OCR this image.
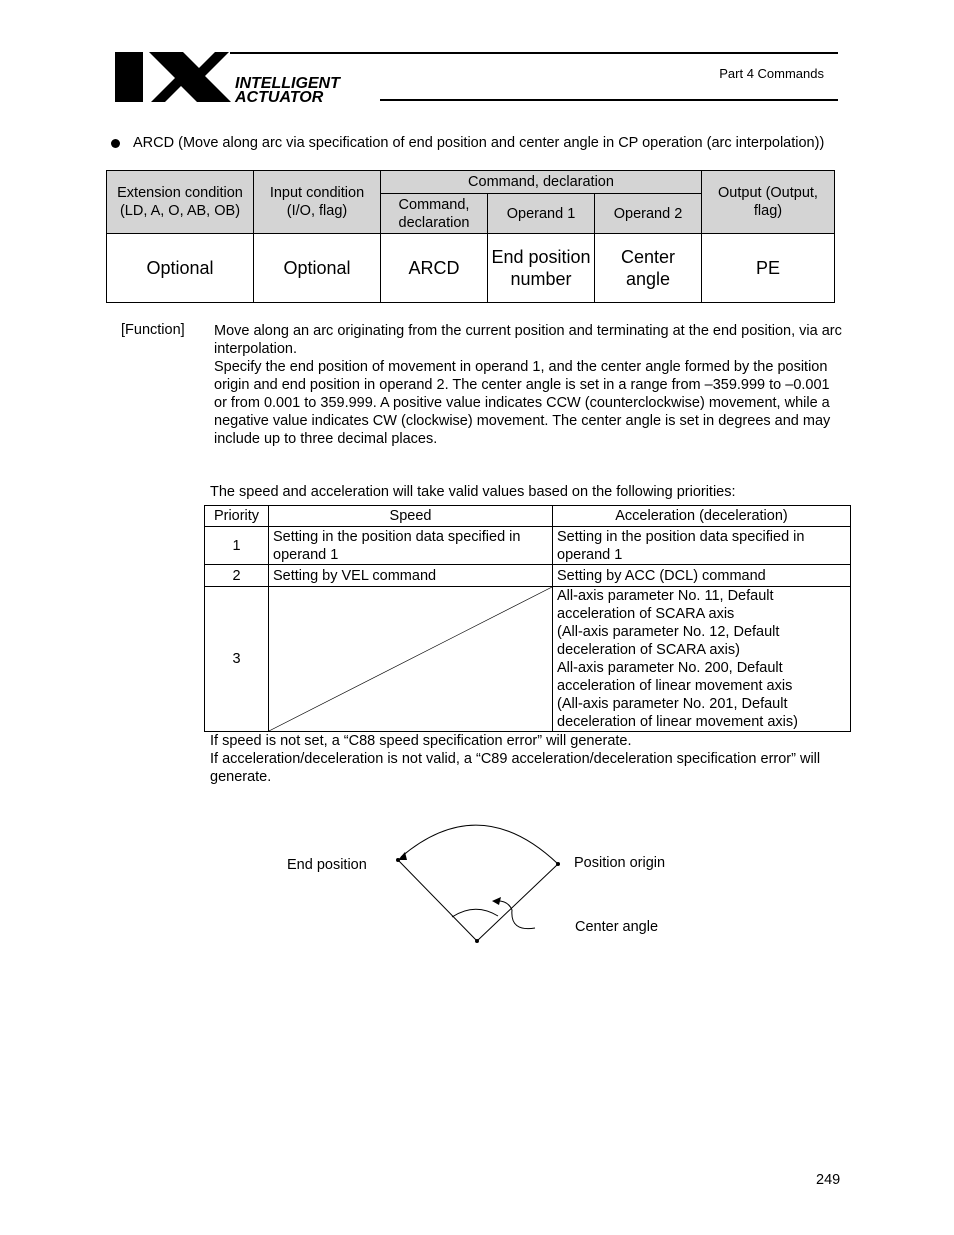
INTELLIGENT
ACTUATOR
Part 4 Commands
ARCD (Move along arc via specification of end position and center angle in CP operation (arc interpolation))
Extension condition (LD, A, O, AB, OB)	Input condition (I/O, flag)	Command, declaration			Output (Output, flag)
		Command, declaration	Operand 1	Operand 2	
Optional	Optional	ARCD	End position number	Center angle	PE
[Function] Move along an arc originating from the current position and terminating at the end position, via arc interpolation.
Specify the end position of movement in operand 1, and the center angle formed by the position origin and end position in operand 2. The center angle is set in a range from –359.999 to –0.001 or from 0.001 to 359.999. A positive value indicates CCW (counterclockwise) movement, while a negative value indicates CW (clockwise) movement. The center angle is set in degrees and may include up to three decimal places.
The speed and acceleration will take valid values based on the following priorities:
Priority	Speed	Acceleration (deceleration)
1	Setting in the position data specified in operand 1	Setting in the position data specified in operand 1
2	Setting by VEL command	Setting by ACC (DCL) command
3		All-axis parameter No. 11, Default acceleration of SCARA axis
(All-axis parameter No. 12, Default deceleration of SCARA axis)
All-axis parameter No. 200, Default acceleration of linear movement axis
(All-axis parameter No. 201, Default deceleration of linear movement axis)
If speed is not set, a “C88 speed specification error” will generate.
If acceleration/deceleration is not valid, a “C89 acceleration/deceleration specification error” will generate.
End position	Position origin
Center angle
249
